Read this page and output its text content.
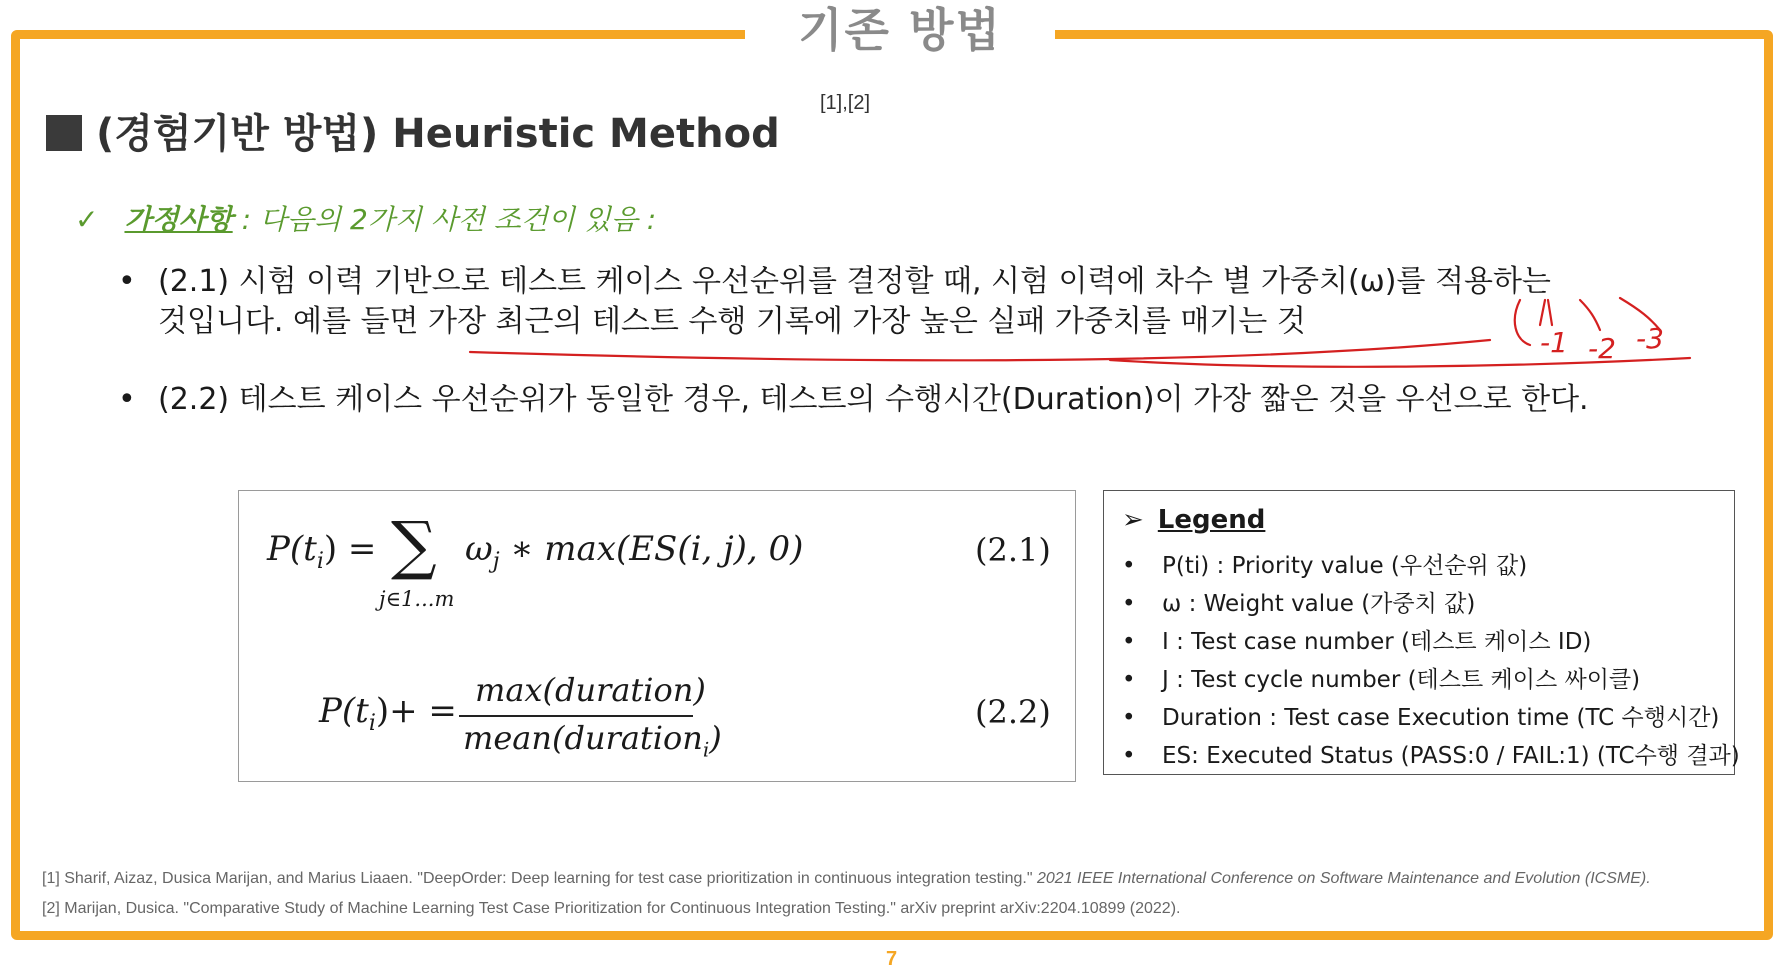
기존 방법
(경험기반 방법) Heuristic Method
[1],[2]
✓ 가정사항 : 다음의 2가지 사전 조건이 있음 :
• (2.1) 시험 이력 기반으로 테스트 케이스 우선순위를 결정할 때, 시험 이력에 차수 별 가중치(ω)를 적용하는
것입니다. 예를 들면 가장 최근의 테스트 수행 기록에 가장 높은 실패 가중치를 매기는 것
• (2.2) 테스트 케이스 우선순위가 동일한 경우, 테스트의 수행시간(Duration)이 가장 짧은 것을 우선으로 한다.
$P(t_i)$ = ∑
j∈1...m
$\omega_j$ ∗ max(ES(i, j), 0)	(2.1)
$P(t_i)+$ =
max(duration)
mean(duration$_i$)
(2.2)
➢ Legend
• P(ti) : Priority value (우선순위 값)
• ω : Weight value (가중치 값)
• I : Test case number (테스트 케이스 ID)
• J : Test cycle number (테스트 케이스 싸이클)
• Duration : Test case Execution time (TC 수행시간)
• ES: Executed Status (PASS:0 / FAIL:1) (TC수행 결과)
-1 -2 -3
[1] Sharif, Aizaz, Dusica Marijan, and Marius Liaaen. "DeepOrder: Deep learning for test case prioritization in continuous integration testing." 2021 IEEE International Conference on Software Maintenance and Evolution (ICSME).
[2] Marijan, Dusica. "Comparative Study of Machine Learning Test Case Prioritization for Continuous Integration Testing." arXiv preprint arXiv:2204.10899 (2022).
7
